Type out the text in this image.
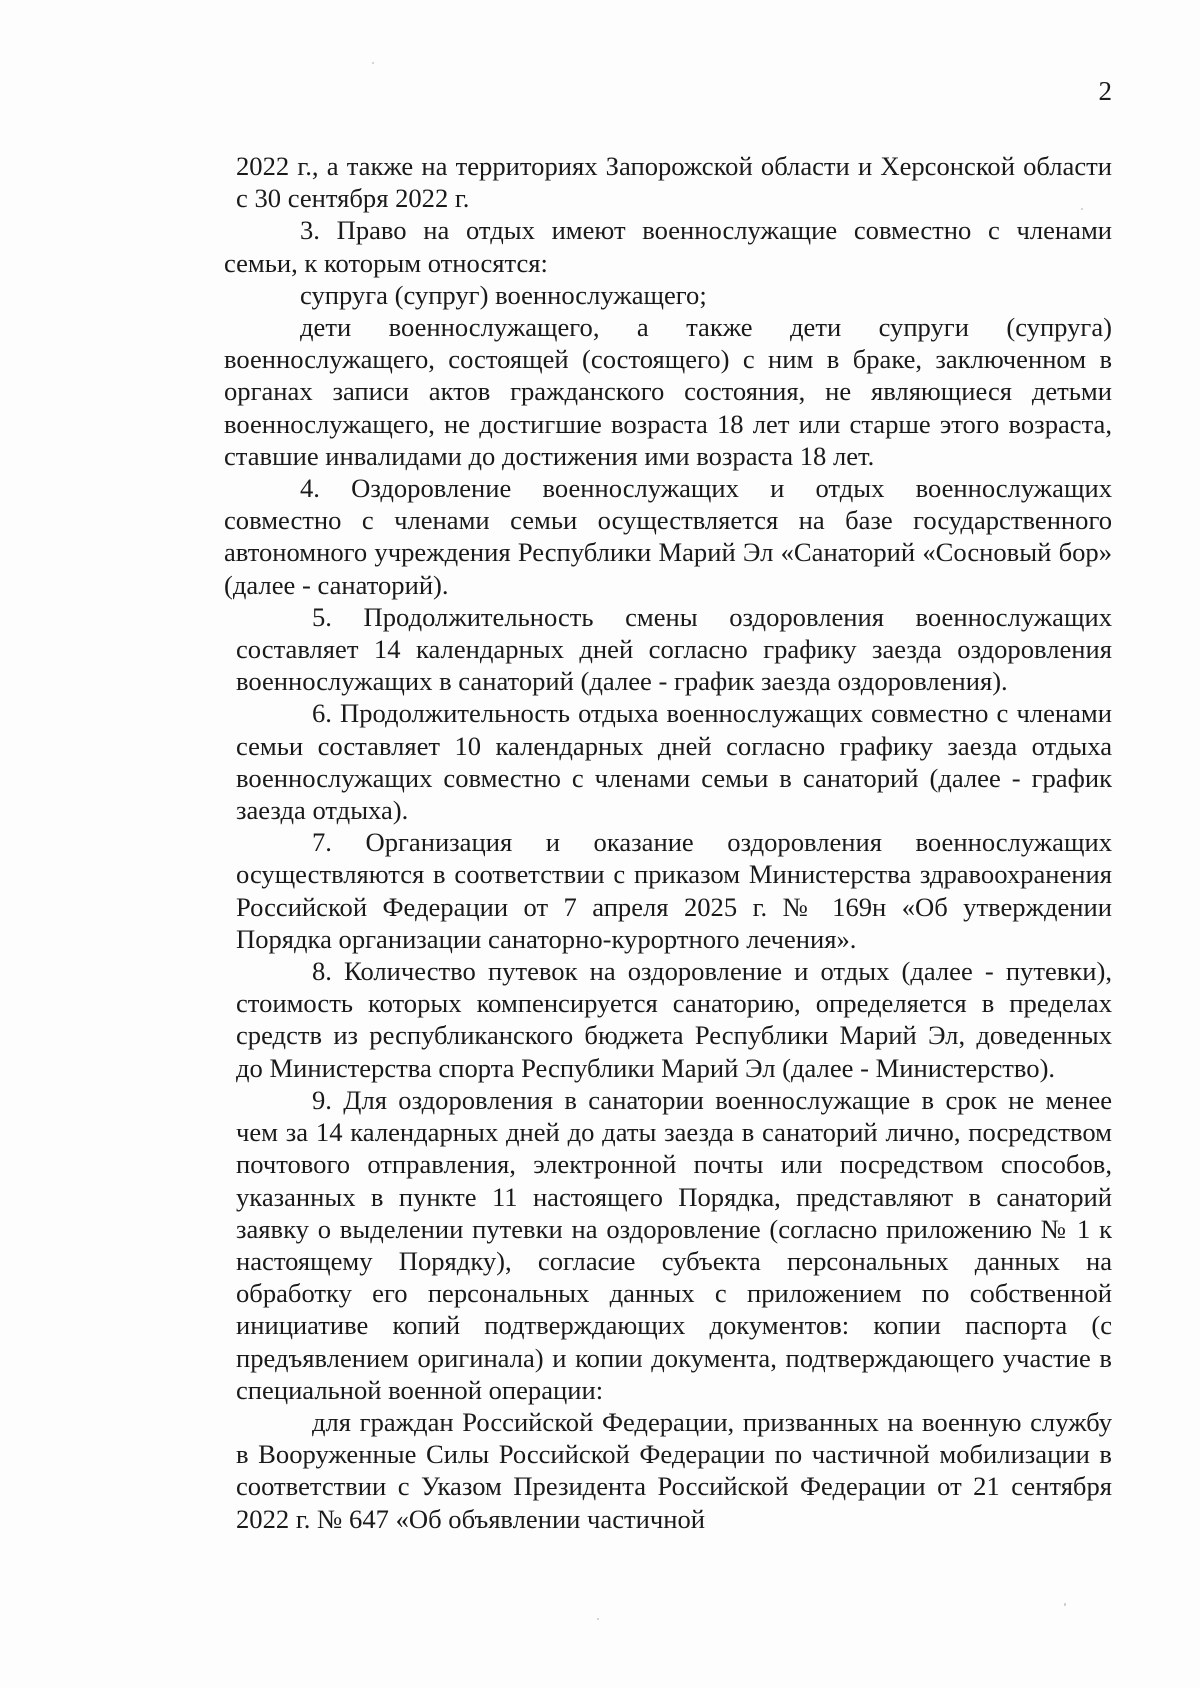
2

2022 г., а также на территориях Запорожской области и Херсонской области с 30 сентября 2022 г.

3. Право на отдых имеют военнослужащие совместно с членами семьи, к которым относятся:

супруга (супруг) военнослужащего;

дети военнослужащего, а также дети супруги (супруга) военнослужащего, состоящей (состоящего) с ним в браке, заключенном в органах записи актов гражданского состояния, не являющиеся детьми военнослужащего, не достигшие возраста 18 лет или старше этого возраста, ставшие инвалидами до достижения ими возраста 18 лет.

4. Оздоровление военнослужащих и отдых военнослужащих совместно с членами семьи осуществляется на базе государственного автономного учреждения Республики Марий Эл «Санаторий «Сосновый бор» (далее - санаторий).

5. Продолжительность смены оздоровления военнослужащих составляет 14 календарных дней согласно графику заезда оздоровления военнослужащих в санаторий (далее - график заезда оздоровления).

6. Продолжительность отдыха военнослужащих совместно с членами семьи составляет 10 календарных дней согласно графику заезда отдыха военнослужащих совместно с членами семьи в санаторий (далее - график заезда отдыха).

7. Организация и оказание оздоровления военнослужащих осуществляются в соответствии с приказом Министерства здравоохранения Российской Федерации от 7 апреля 2025 г. № 169н «Об утверждении Порядка организации санаторно-курортного лечения».

8. Количество путевок на оздоровление и отдых (далее - путевки), стоимость которых компенсируется санаторию, определяется в пределах средств из республиканского бюджета Республики Марий Эл, доведенных до Министерства спорта Республики Марий Эл (далее - Министерство).

9. Для оздоровления в санатории военнослужащие в срок не менее чем за 14 календарных дней до даты заезда в санаторий лично, посредством почтового отправления, электронной почты или посредством способов, указанных в пункте 11 настоящего Порядка, представляют в санаторий заявку о выделении путевки на оздоровление (согласно приложению № 1 к настоящему Порядку), согласие субъекта персональных данных на обработку его персональных данных с приложением по собственной инициативе копий подтверждающих документов: копии паспорта (с предъявлением оригинала) и копии документа, подтверждающего участие в специальной военной операции:

для граждан Российской Федерации, призванных на военную службу в Вооруженные Силы Российской Федерации по частичной мобилизации в соответствии с Указом Президента Российской Федерации от 21 сентября 2022 г. № 647 «Об объявлении частичной
